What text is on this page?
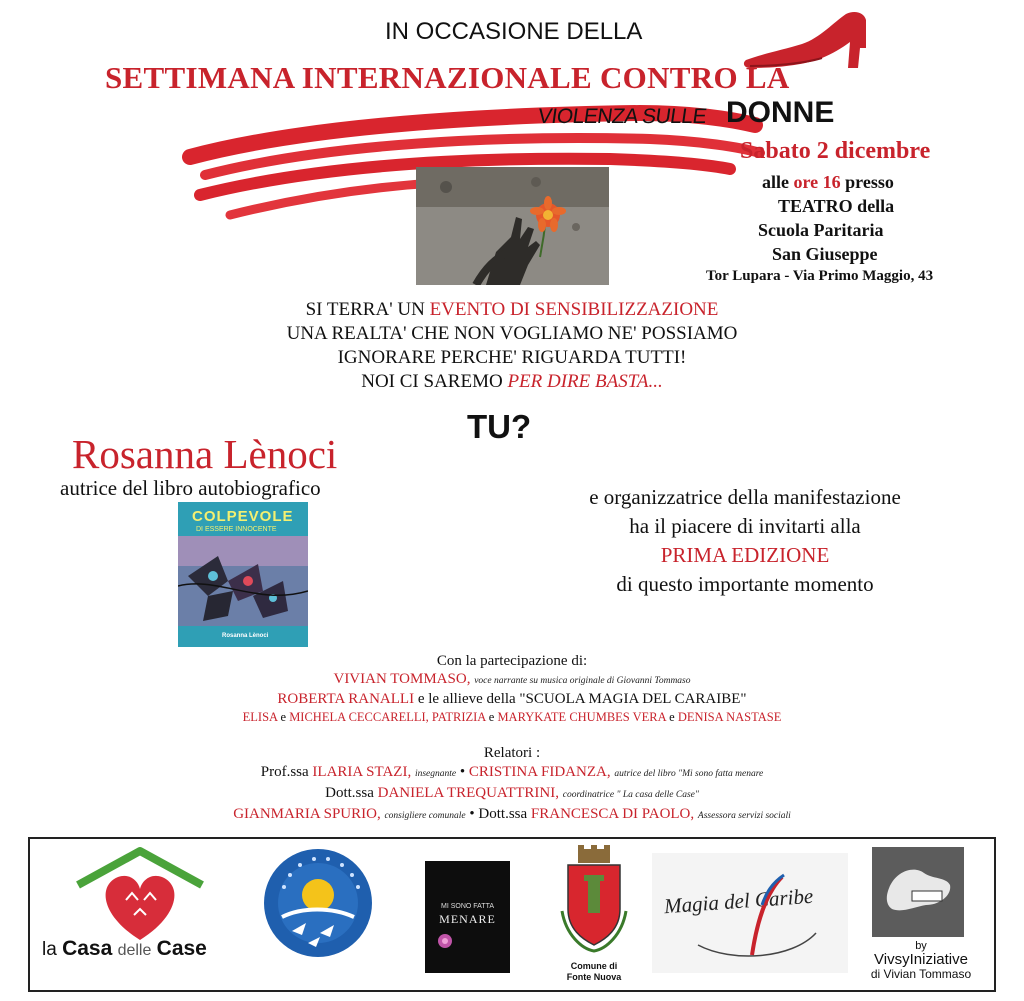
IN OCCASIONE DELLA
SETTIMANA INTERNAZIONALE CONTRO LA
VIOLENZA SULLE DONNE
Sabato 2 dicembre
alle ore 16 presso
TEATRO della
Scuola Paritaria
San Giuseppe
Tor Lupara - Via Primo Maggio, 43
SI TERRA' UN EVENTO DI SENSIBILIZZAZIONE
UNA REALTA' CHE NON VOGLIAMO NE' POSSIAMO
IGNORARE PERCHE' RIGUARDA TUTTI!
NOI CI SAREMO PER DIRE BASTA...
TU?
Rosanna Lènoci
autrice del libro autobiografico
COLPEVOLE
DI ESSERE INNOCENTE
Rosanna Lènoci
e organizzatrice della manifestazione
ha il piacere di invitarti alla
PRIMA EDIZIONE
di questo importante momento
Con la partecipazione di:
VIVIAN TOMMASO, voce narrante su musica originale di Giovanni Tommaso
ROBERTA RANALLI e le allieve della "SCUOLA MAGIA DEL CARAIBE"
ELISA e MICHELA CECCARELLI, PATRIZIA e MARYKATE CHUMBES VERA e DENISA NASTASE
Relatori :
Prof.ssa ILARIA STAZI, insegnante • CRISTINA FIDANZA, autrice del libro "Mi sono fatta menare
Dott.ssa DANIELA TREQUATTRINI, coordinatrice " La casa delle Case"
GIANMARIA SPURIO, consigliere comunale • Dott.ssa FRANCESCA DI PAOLO, Assessora servizi sociali
la Casa delle Case
MI SONO FATTA
MENARE
Comune di
Fonte Nuova
Magia del Caribe
by
VivsyIniziative
di Vivian Tommaso
